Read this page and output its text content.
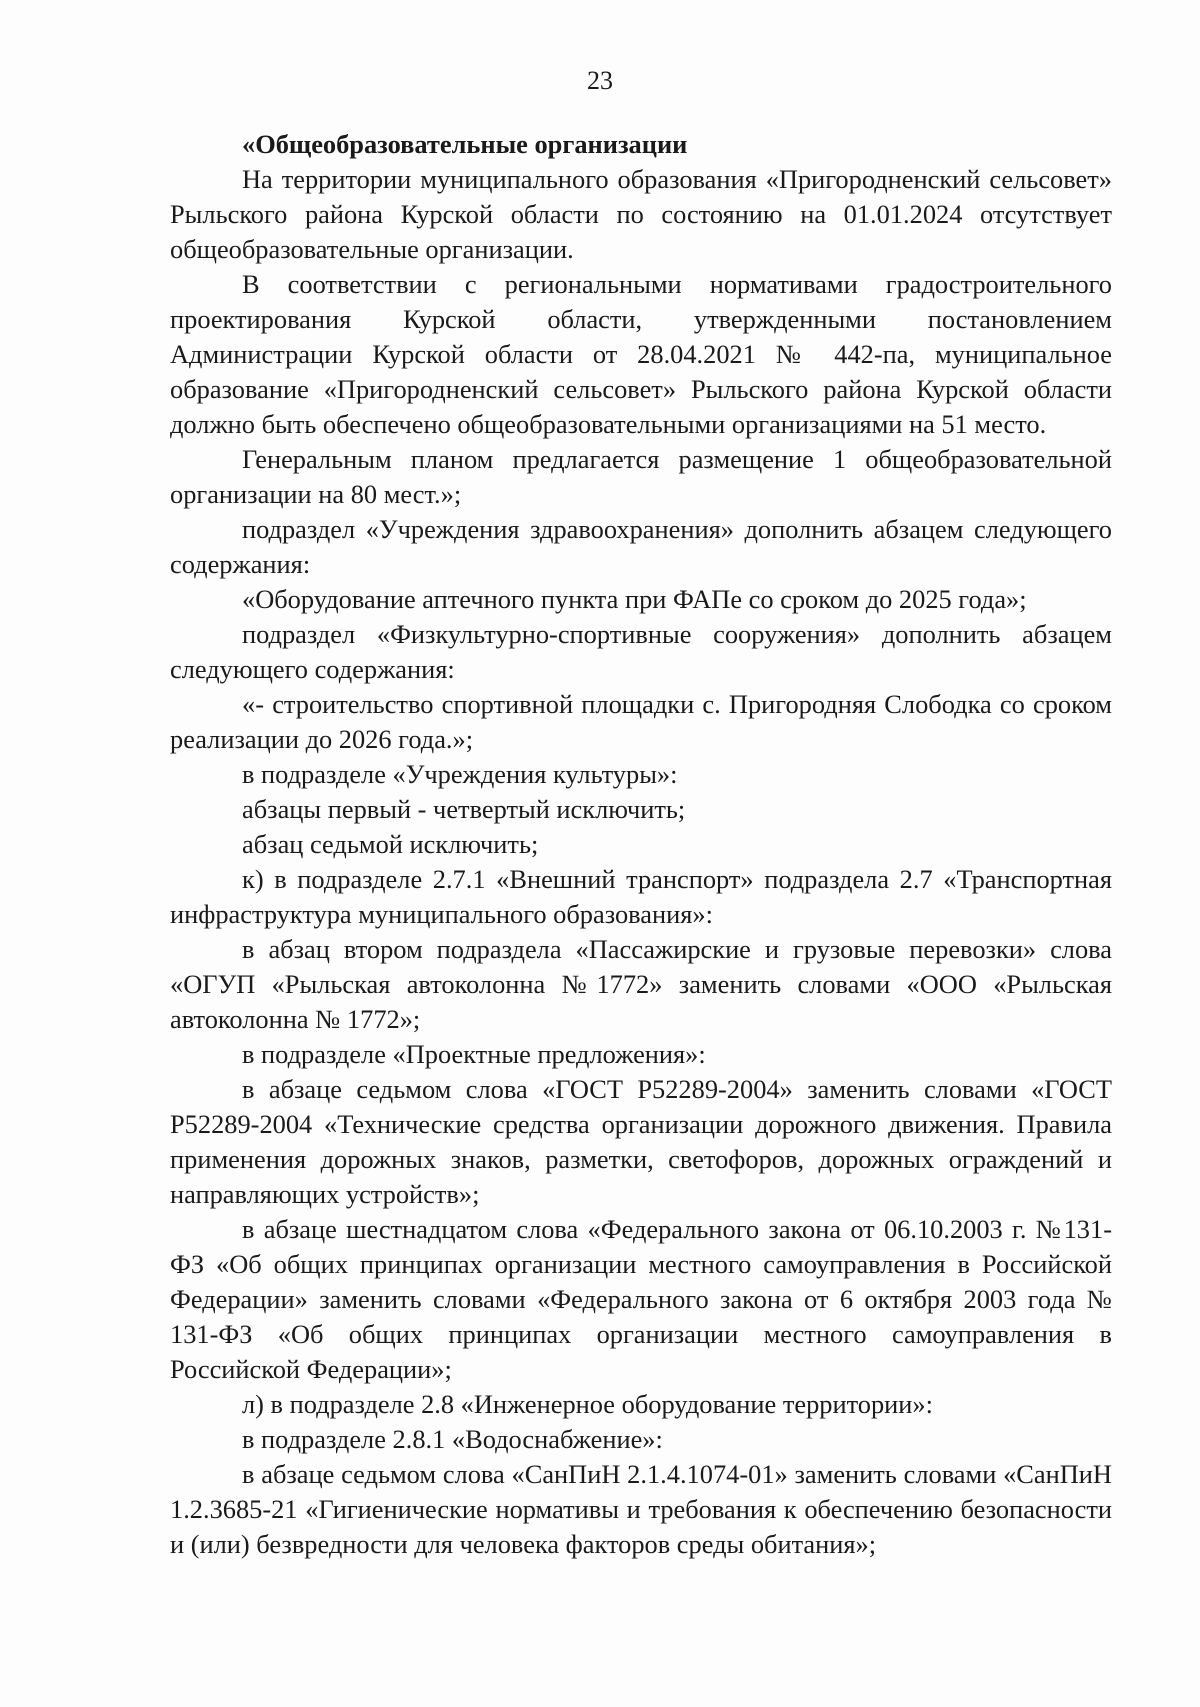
23

«Общеобразовательные организации

На территории муниципального образования «Пригородненский сельсовет» Рыльского района Курской области по состоянию на 01.01.2024 отсутствует общеобразовательные организации.

В соответствии с региональными нормативами градостроительного проектирования Курской области, утвержденными постановлением Администрации Курской области от 28.04.2021 № 442-па, муниципальное образование «Пригородненский сельсовет» Рыльского района Курской области должно быть обеспечено общеобразовательными организациями на 51 место.

Генеральным планом предлагается размещение 1 общеобразовательной организации на 80 мест.»;

подраздел «Учреждения здравоохранения» дополнить абзацем следующего содержания:

«Оборудование аптечного пункта при ФАПе со сроком до 2025 года»;

подраздел «Физкультурно-спортивные сооружения» дополнить абзацем следующего содержания:

«- строительство спортивной площадки с. Пригородняя Слободка со сроком реализации до 2026 года.»;

в подразделе «Учреждения культуры»:

абзацы первый - четвертый исключить;

абзац седьмой исключить;

к) в подразделе 2.7.1 «Внешний транспорт» подраздела 2.7 «Транспортная инфраструктура муниципального образования»:

в абзац втором подраздела «Пассажирские и грузовые перевозки» слова «ОГУП «Рыльская автоколонна №1772» заменить словами «ООО «Рыльская автоколонна № 1772»;

в подразделе «Проектные предложения»:

в абзаце седьмом слова «ГОСТ Р52289-2004» заменить словами «ГОСТ Р52289-2004 «Технические средства организации дорожного движения. Правила применения дорожных знаков, разметки, светофоров, дорожных ограждений и направляющих устройств»;

в абзаце шестнадцатом слова «Федерального закона от 06.10.2003 г. №131-ФЗ «Об общих принципах организации местного самоуправления в Российской Федерации» заменить словами «Федерального закона от 6 октября 2003 года № 131-ФЗ «Об общих принципах организации местного самоуправления в Российской Федерации»;

л) в подразделе 2.8 «Инженерное оборудование территории»:

в подразделе 2.8.1 «Водоснабжение»:

в абзаце седьмом слова «СанПиН 2.1.4.1074-01» заменить словами «СанПиН 1.2.3685-21 «Гигиенические нормативы и требования к обеспечению безопасности и (или) безвредности для человека факторов среды обитания»;
